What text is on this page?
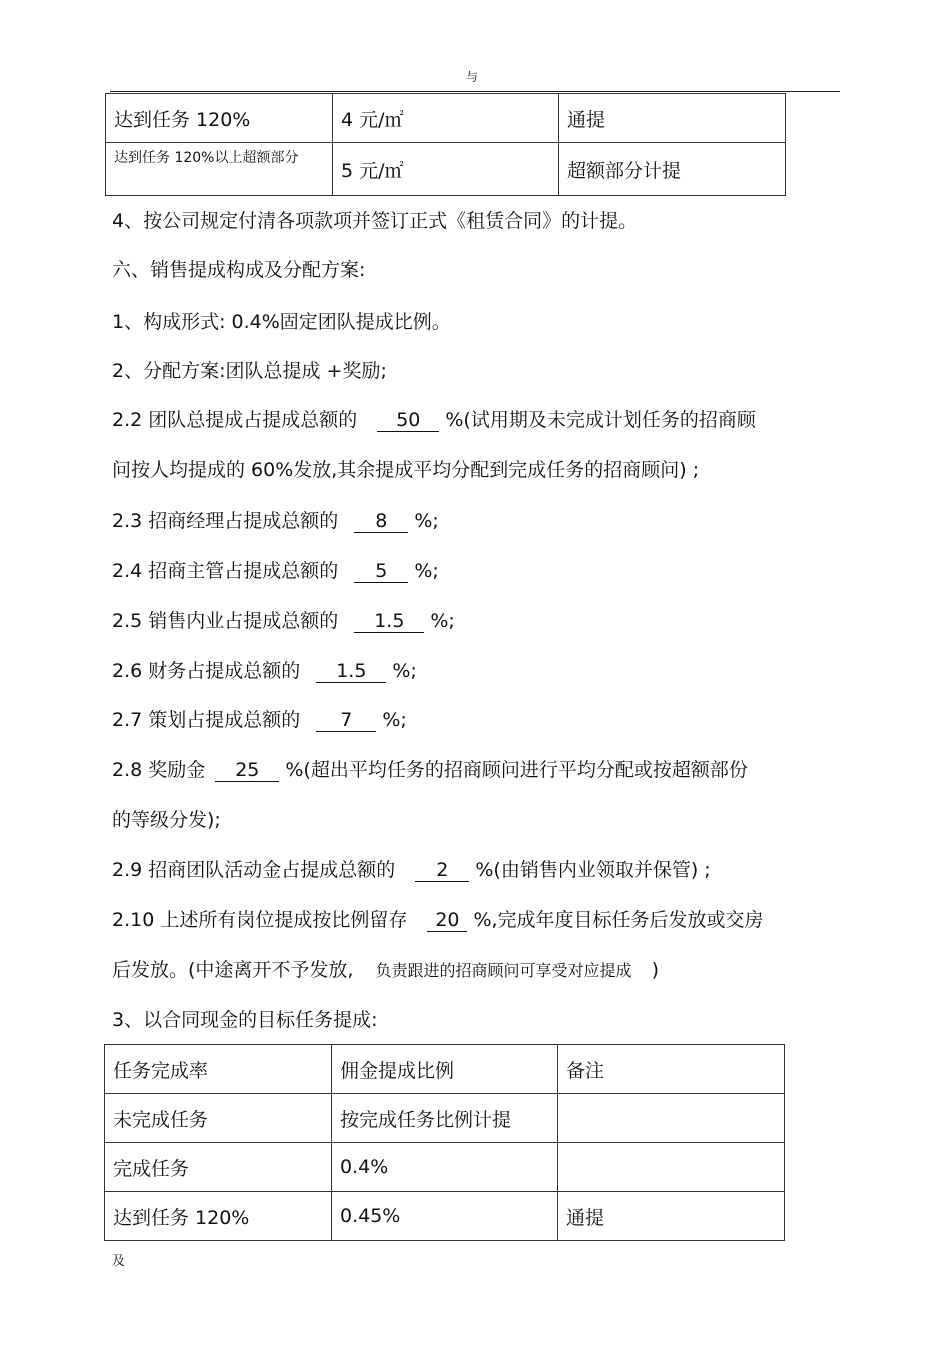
与
达到任务 120%	4 元/㎡	通提
达到任务 120%以上超额部分	5 元/㎡	超额部分计提
4、按公司规定付清各项款项并签订正式《租赁合同》的计提。
六、销售提成构成及分配方案:
1、构成形式: 0.4%固定团队提成比例。
2、分配方案:团队总提成 +奖励;
2.2 团队总提成占提成总额的 50 %(试用期及未完成计划任务的招商顾
问按人均提成的 60%发放,其余提成平均分配到完成任务的招商顾问) ;
2.3 招商经理占提成总额的 8 %;
2.4 招商主管占提成总额的 5 %;
2.5 销售内业占提成总额的 1.5 %;
2.6 财务占提成总额的 1.5 %;
2.7 策划占提成总额的 7 %;
2.8 奖励金 25 %(超出平均任务的招商顾问进行平均分配或按超额部份
的等级分发);
2.9 招商团队活动金占提成总额的 2 %(由销售内业领取并保管) ;
2.10 上述所有岗位提成按比例留存 20 %,完成年度目标任务后发放或交房
后发放。(中途离开不予发放, 负责跟进的招商顾问可享受对应提成 )
3、以合同现金的目标任务提成:
任务完成率	佣金提成比例	备注
未完成任务	按完成任务比例计提	
完成任务	0.4%	
达到任务 120%	0.45%	通提
及
